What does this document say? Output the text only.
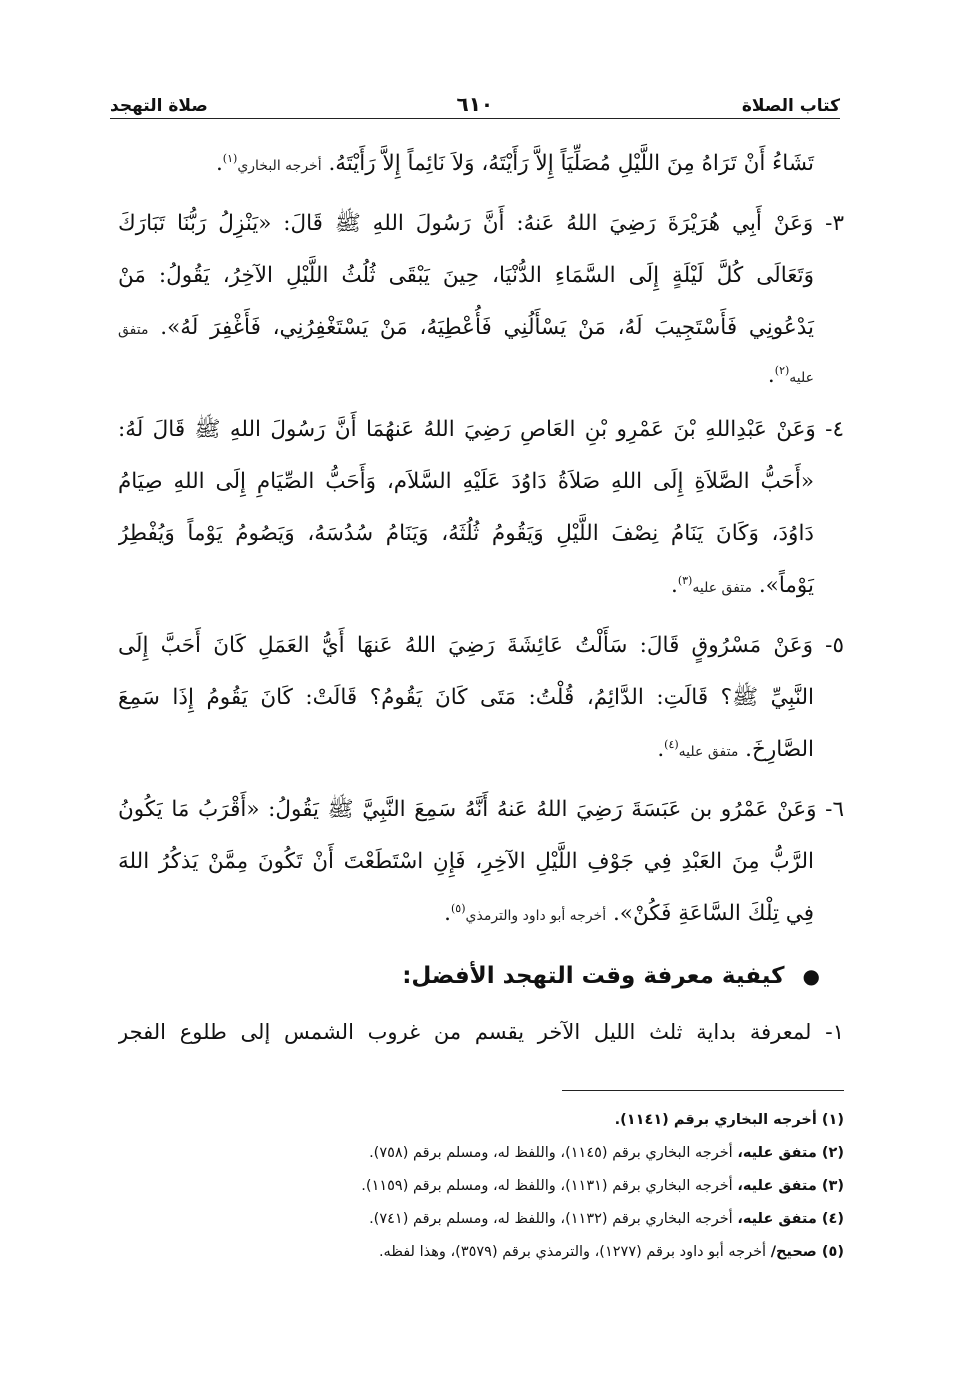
كتاب الصلاة
٦١٠
صلاة التهجد
تَشَاءُ أَنْ تَرَاهُ مِنَ اللَّيْلِ مُصَلِّيَاً إِلاَّ رَأَيْتَهُ، وَلاَ نَائِماً إِلاَّ رَأَيْتَهُ. أخرجه البخاري$^{(١)}$.
٣- وَعَنْ أَبِي هُرَيْرَةَ رَضِيَ اللهُ عَنهُ: أَنَّ رَسُولَ اللهِ ﷺ قَالَ: «يَنْزِلُ رَبُّنَا تَبَارَكَ
وَتَعَالَى كُلَّ لَيْلَةٍ إِلَى السَّمَاءِ الدُّنْيَا، حِينَ يَبْقَى ثُلُثُ اللَّيْلِ الآخِرُ، يَقُولُ: مَنْ
يَدْعُونِي فَأَسْتَجِيبَ لَهُ، مَنْ يَسْأَلُنِي فَأُعْطِيَهُ، مَنْ يَسْتَغْفِرُنِي، فَأَغْفِرَ لَهُ». متفق
عليه$^{(٢)}$.
٤- وَعَنْ عَبْدِاللهِ بْنَ عَمْرِو بْنِ العَاصِ رَضِيَ اللهُ عَنهُمَا أَنَّ رَسُولَ اللهِ ﷺ قَالَ لَهُ:
«أَحَبُّ الصَّلاَةِ إِلَى اللهِ صَلاَةُ دَاوُدَ عَلَيْهِ السَّلاَم، وَأَحَبُّ الصِّيَامِ إِلَى اللهِ صِيَامُ
دَاوُدَ، وَكَانَ يَنَامُ نِصْفَ اللَّيْلِ وَيَقُومُ ثُلُثَهُ، وَيَنَامُ سُدُسَهُ، وَيَصُومُ يَوْماً وَيُفْطِرُ
يَوْماً». متفق عليه$^{(٣)}$.
٥- وَعَنْ مَسْرُوقٍ قَالَ: سَأَلْتُ عَائِشَةَ رَضِيَ اللهُ عَنهَا أَيُّ العَمَلِ كَانَ أَحَبَّ إِلَى
النَّبِيِّ ﷺ؟ قَالَتِ: الدَّائِمُ، قُلْتُ: مَتَى كَانَ يَقُومُ؟ قَالَتْ: كَانَ يَقُومُ إِذَا سَمِعَ
الصَّارِخَ. متفق عليه$^{(٤)}$.
٦- وَعَنْ عَمْرُو بن عَبَسَةَ رَضِيَ اللهُ عَنهُ أَنَّهُ سَمِعَ النَّبِيَّ ﷺ يَقُولُ: «أَقْرَبُ مَا يَكُونُ
الرَّبُّ مِنَ العَبْدِ فِي جَوْفِ اللَّيْلِ الآخِرِ، فَإِنِ اسْتَطَعْتَ أَنْ تَكُونَ مِمَّنْ يَذكُرُ اللهَ
فِي تِلْكَ السَّاعَةِ فَكُنْ». أخرجه أبو داود والترمذي$^{(٥)}$.
●كيفية معرفة وقت التهجد الأفضل:
١- لمعرفة بداية ثلث الليل الآخر يقسم من غروب الشمس إلى طلوع الفجر
(١) أخرجه البخاري برقم (١١٤١).
(٢) متفق عليه، أخرجه البخاري برقم (١١٤٥)، واللفظ له، ومسلم برقم (٧٥٨).
(٣) متفق عليه، أخرجه البخاري برقم (١١٣١)، واللفظ له، ومسلم برقم (١١٥٩).
(٤) متفق عليه، أخرجه البخاري برقم (١١٣٢)، واللفظ له، ومسلم برقم (٧٤١).
(٥) صحيح/ أخرجه أبو داود برقم (١٢٧٧)، والترمذي برقم (٣٥٧٩)، وهذا لفظه.
